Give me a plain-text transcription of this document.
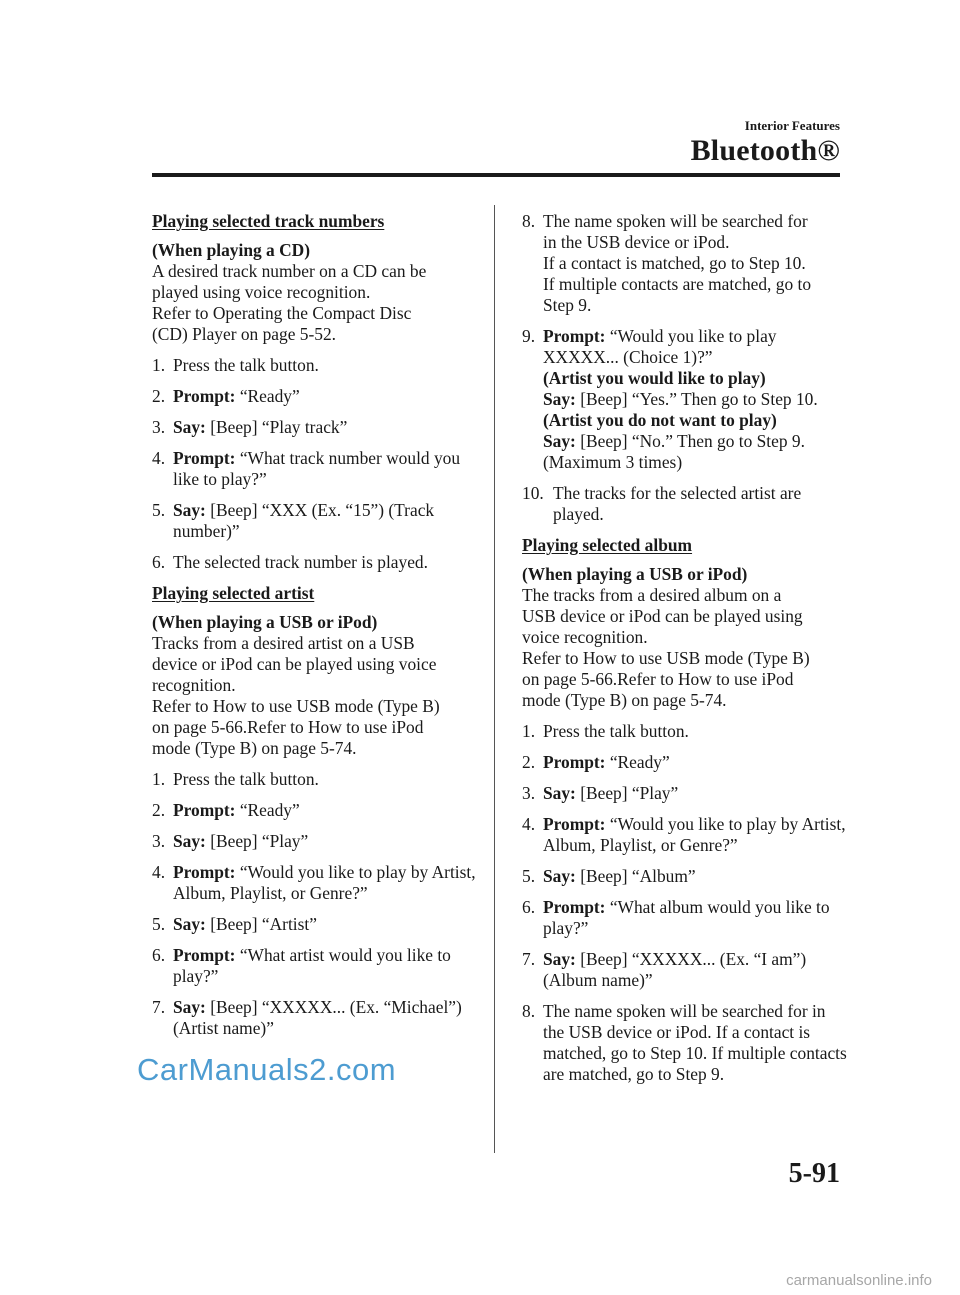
Interior Features
Bluetooth®
Playing selected track numbers

(When playing a CD)
A desired track number on a CD can be
played using voice recognition.
Refer to Operating the Compact Disc
(CD) Player on page 5-52.

1. Press the talk button.
2. Prompt: “Ready”
3. Say: [Beep] “Play track”
4. Prompt: “What track number would you like to play?”
5. Say: [Beep] “XXX (Ex. “15”) (Track number)”
6. The selected track number is played.
Playing selected artist

(When playing a USB or iPod)
Tracks from a desired artist on a USB
device or iPod can be played using voice
recognition.
Refer to How to use USB mode (Type B)
on page 5-66.Refer to How to use iPod
mode (Type B) on page 5-74.

1. Press the talk button.
2. Prompt: “Ready”
3. Say: [Beep] “Play”
4. Prompt: “Would you like to play by Artist, Album, Playlist, or Genre?”
5. Say: [Beep] “Artist”
6. Prompt: “What artist would you like to play?”
7. Say: [Beep] “XXXXX... (Ex. “Michael”) (Artist name)”
8. The name spoken will be searched for
in the USB device or iPod.
If a contact is matched, go to Step 10.
If multiple contacts are matched, go to
Step 9.
9. Prompt: “Would you like to play XXXXX... (Choice 1)?”
(Artist you would like to play)
Say: [Beep] “Yes.” Then go to Step 10.
(Artist you do not want to play)
Say: [Beep] “No.” Then go to Step 9.
(Maximum 3 times)
10. The tracks for the selected artist are played.
Playing selected album

(When playing a USB or iPod)
The tracks from a desired album on a
USB device or iPod can be played using
voice recognition.
Refer to How to use USB mode (Type B)
on page 5-66.Refer to How to use iPod
mode (Type B) on page 5-74.

1. Press the talk button.
2. Prompt: “Ready”
3. Say: [Beep] “Play”
4. Prompt: “Would you like to play by Artist, Album, Playlist, or Genre?”
5. Say: [Beep] “Album”
6. Prompt: “What album would you like to play?”
7. Say: [Beep] “XXXXX... (Ex. “I am”) (Album name)”
8. The name spoken will be searched for in the USB device or iPod. If a contact is matched, go to Step 10. If multiple contacts are matched, go to Step 9.
CarManuals2.com
5-91
carmanualsonline.info
